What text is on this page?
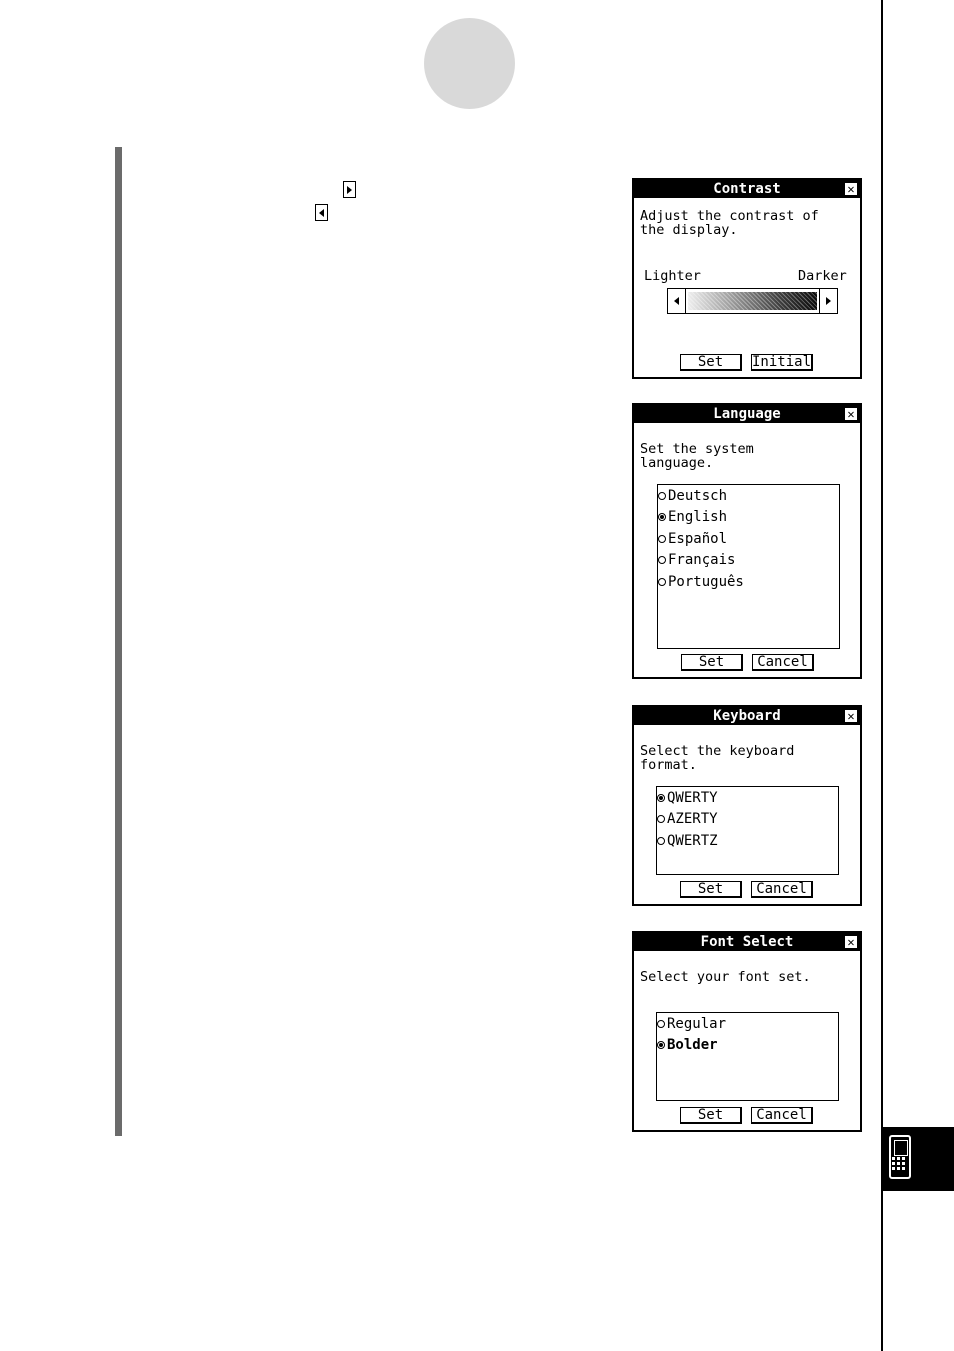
Contrast	✕
Adjust the contrast of
the display.
Lighter	Darker
Set	Initial
Language	✕
Set the system
language.
Deutsch
English
Español
Français
Português
Set	Cancel
Keyboard	✕
Select the keyboard
format.
QWERTY
AZERTY
QWERTZ
Set	Cancel
Font Select	✕
Select your font set.
Regular
Bolder
Set	Cancel
